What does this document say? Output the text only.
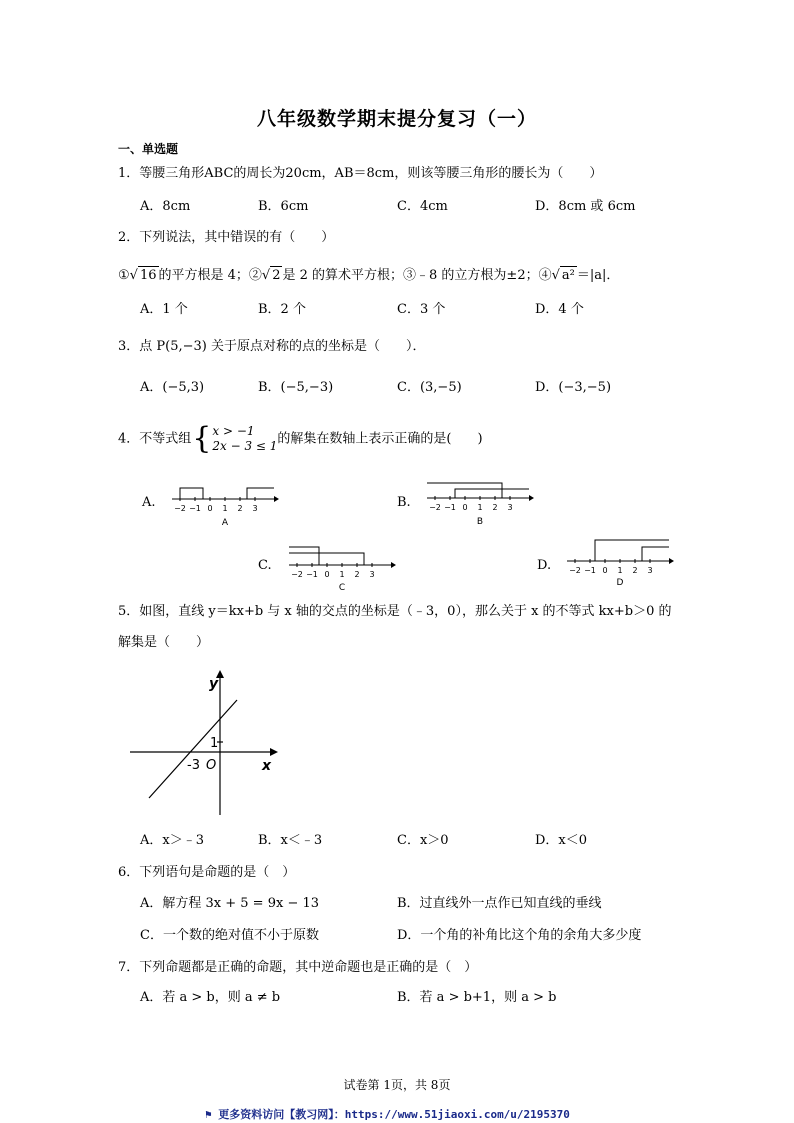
八年级数学期末提分复习（一）
一、单选题
1．等腰三角形ABC的周长为20cm，AB＝8cm，则该等腰三角形的腰长为（　　）
A．8cm	B．6cm	C．4cm	D．8cm 或 6cm
2．下列说法，其中错误的有（　　）
①√ 16 的平方根是 4；②√ 2 是 2 的算术平方根；③﹣8 的立方根为±2；④√ a² ＝|a|．
A．1 个	B．2 个	C．3 个	D．4 个
3．点 P(5,−3) 关于原点对称的点的坐标是（　　）．
A．(−5,3)	B．(−5,−3)	C．(3,−5)	D．(−3,−5)
4．不等式组{x > −1
2x − 3 ≤ 1的解集在数轴上表示正确的是(　　)
A.	B.
C.	D.
−2 −1 0 1 2 3
A
−2 −1 0 1 2 3
B
−2 −1 0 1 2 3
C
−2 −1 0 1 2 3
D
5．如图，直线 y＝kx+b 与 x 轴的交点的坐标是（﹣3，0），那么关于 x 的不等式 kx+b＞0 的
解集是（　　）
y
x
1
-3 O
A．x＞﹣3	B．x＜﹣3	C．x＞0	D．x＜0
6．下列语句是命题的是（　）
A．解方程 3x + 5 = 9x − 13	B．过直线外一点作已知直线的垂线
C．一个数的绝对值不小于原数	D．一个角的补角比这个角的余角大多少度
7．下列命题都是正确的命题，其中逆命题也是正确的是（　）
A．若 a > b，则 a ≠ b	B．若 a > b+1，则 a > b
试卷第 1页，共 8页
⚑ 更多资料访问【教习网】：https://www.51jiaoxi.com/u/2195370
